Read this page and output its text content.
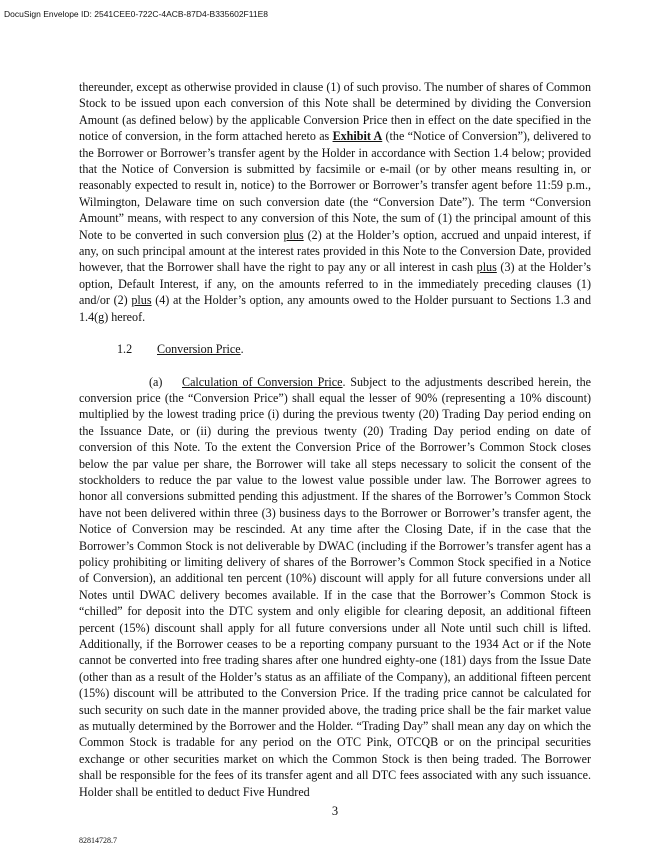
DocuSign Envelope ID: 2541CEE0-722C-4ACB-87D4-B335602F11E8

thereunder, except as otherwise provided in clause (1) of such proviso. The number of shares of Common Stock to be issued upon each conversion of this Note shall be determined by dividing the Conversion Amount (as defined below) by the applicable Conversion Price then in effect on the date specified in the notice of conversion, in the form attached hereto as Exhibit A (the “Notice of Conversion”), delivered to the Borrower or Borrower’s transfer agent by the Holder in accordance with Section 1.4 below; provided that the Notice of Conversion is submitted by facsimile or e-mail (or by other means resulting in, or reasonably expected to result in, notice) to the Borrower or Borrower’s transfer agent before 11:59 p.m., Wilmington, Delaware time on such conversion date (the “Conversion Date”). The term “Conversion Amount” means, with respect to any conversion of this Note, the sum of (1) the principal amount of this Note to be converted in such conversion plus (2) at the Holder’s option, accrued and unpaid interest, if any, on such principal amount at the interest rates provided in this Note to the Conversion Date, provided however, that the Borrower shall have the right to pay any or all interest in cash plus (3) at the Holder’s option, Default Interest, if any, on the amounts referred to in the immediately preceding clauses (1) and/or (2) plus (4) at the Holder’s option, any amounts owed to the Holder pursuant to Sections 1.3 and 1.4(g) hereof.

1.2 Conversion Price.

(a) Calculation of Conversion Price. Subject to the adjustments described herein, the conversion price (the “Conversion Price”) shall equal the lesser of 90% (representing a 10% discount) multiplied by the lowest trading price (i) during the previous twenty (20) Trading Day period ending on the Issuance Date, or (ii) during the previous twenty (20) Trading Day period ending on date of conversion of this Note. To the extent the Conversion Price of the Borrower’s Common Stock closes below the par value per share, the Borrower will take all steps necessary to solicit the consent of the stockholders to reduce the par value to the lowest value possible under law. The Borrower agrees to honor all conversions submitted pending this adjustment. If the shares of the Borrower’s Common Stock have not been delivered within three (3) business days to the Borrower or Borrower’s transfer agent, the Notice of Conversion may be rescinded. At any time after the Closing Date, if in the case that the Borrower’s Common Stock is not deliverable by DWAC (including if the Borrower’s transfer agent has a policy prohibiting or limiting delivery of shares of the Borrower’s Common Stock specified in a Notice of Conversion), an additional ten percent (10%) discount will apply for all future conversions under all Notes until DWAC delivery becomes available. If in the case that the Borrower’s Common Stock is “chilled” for deposit into the DTC system and only eligible for clearing deposit, an additional fifteen percent (15%) discount shall apply for all future conversions under all Note until such chill is lifted. Additionally, if the Borrower ceases to be a reporting company pursuant to the 1934 Act or if the Note cannot be converted into free trading shares after one hundred eighty-one (181) days from the Issue Date (other than as a result of the Holder’s status as an affiliate of the Company), an additional fifteen percent (15%) discount will be attributed to the Conversion Price. If the trading price cannot be calculated for such security on such date in the manner provided above, the trading price shall be the fair market value as mutually determined by the Borrower and the Holder. “Trading Day” shall mean any day on which the Common Stock is tradable for any period on the OTC Pink, OTCQB or on the principal securities exchange or other securities market on which the Common Stock is then being traded. The Borrower shall be responsible for the fees of its transfer agent and all DTC fees associated with any such issuance. Holder shall be entitled to deduct Five Hundred

3
82814728.7
